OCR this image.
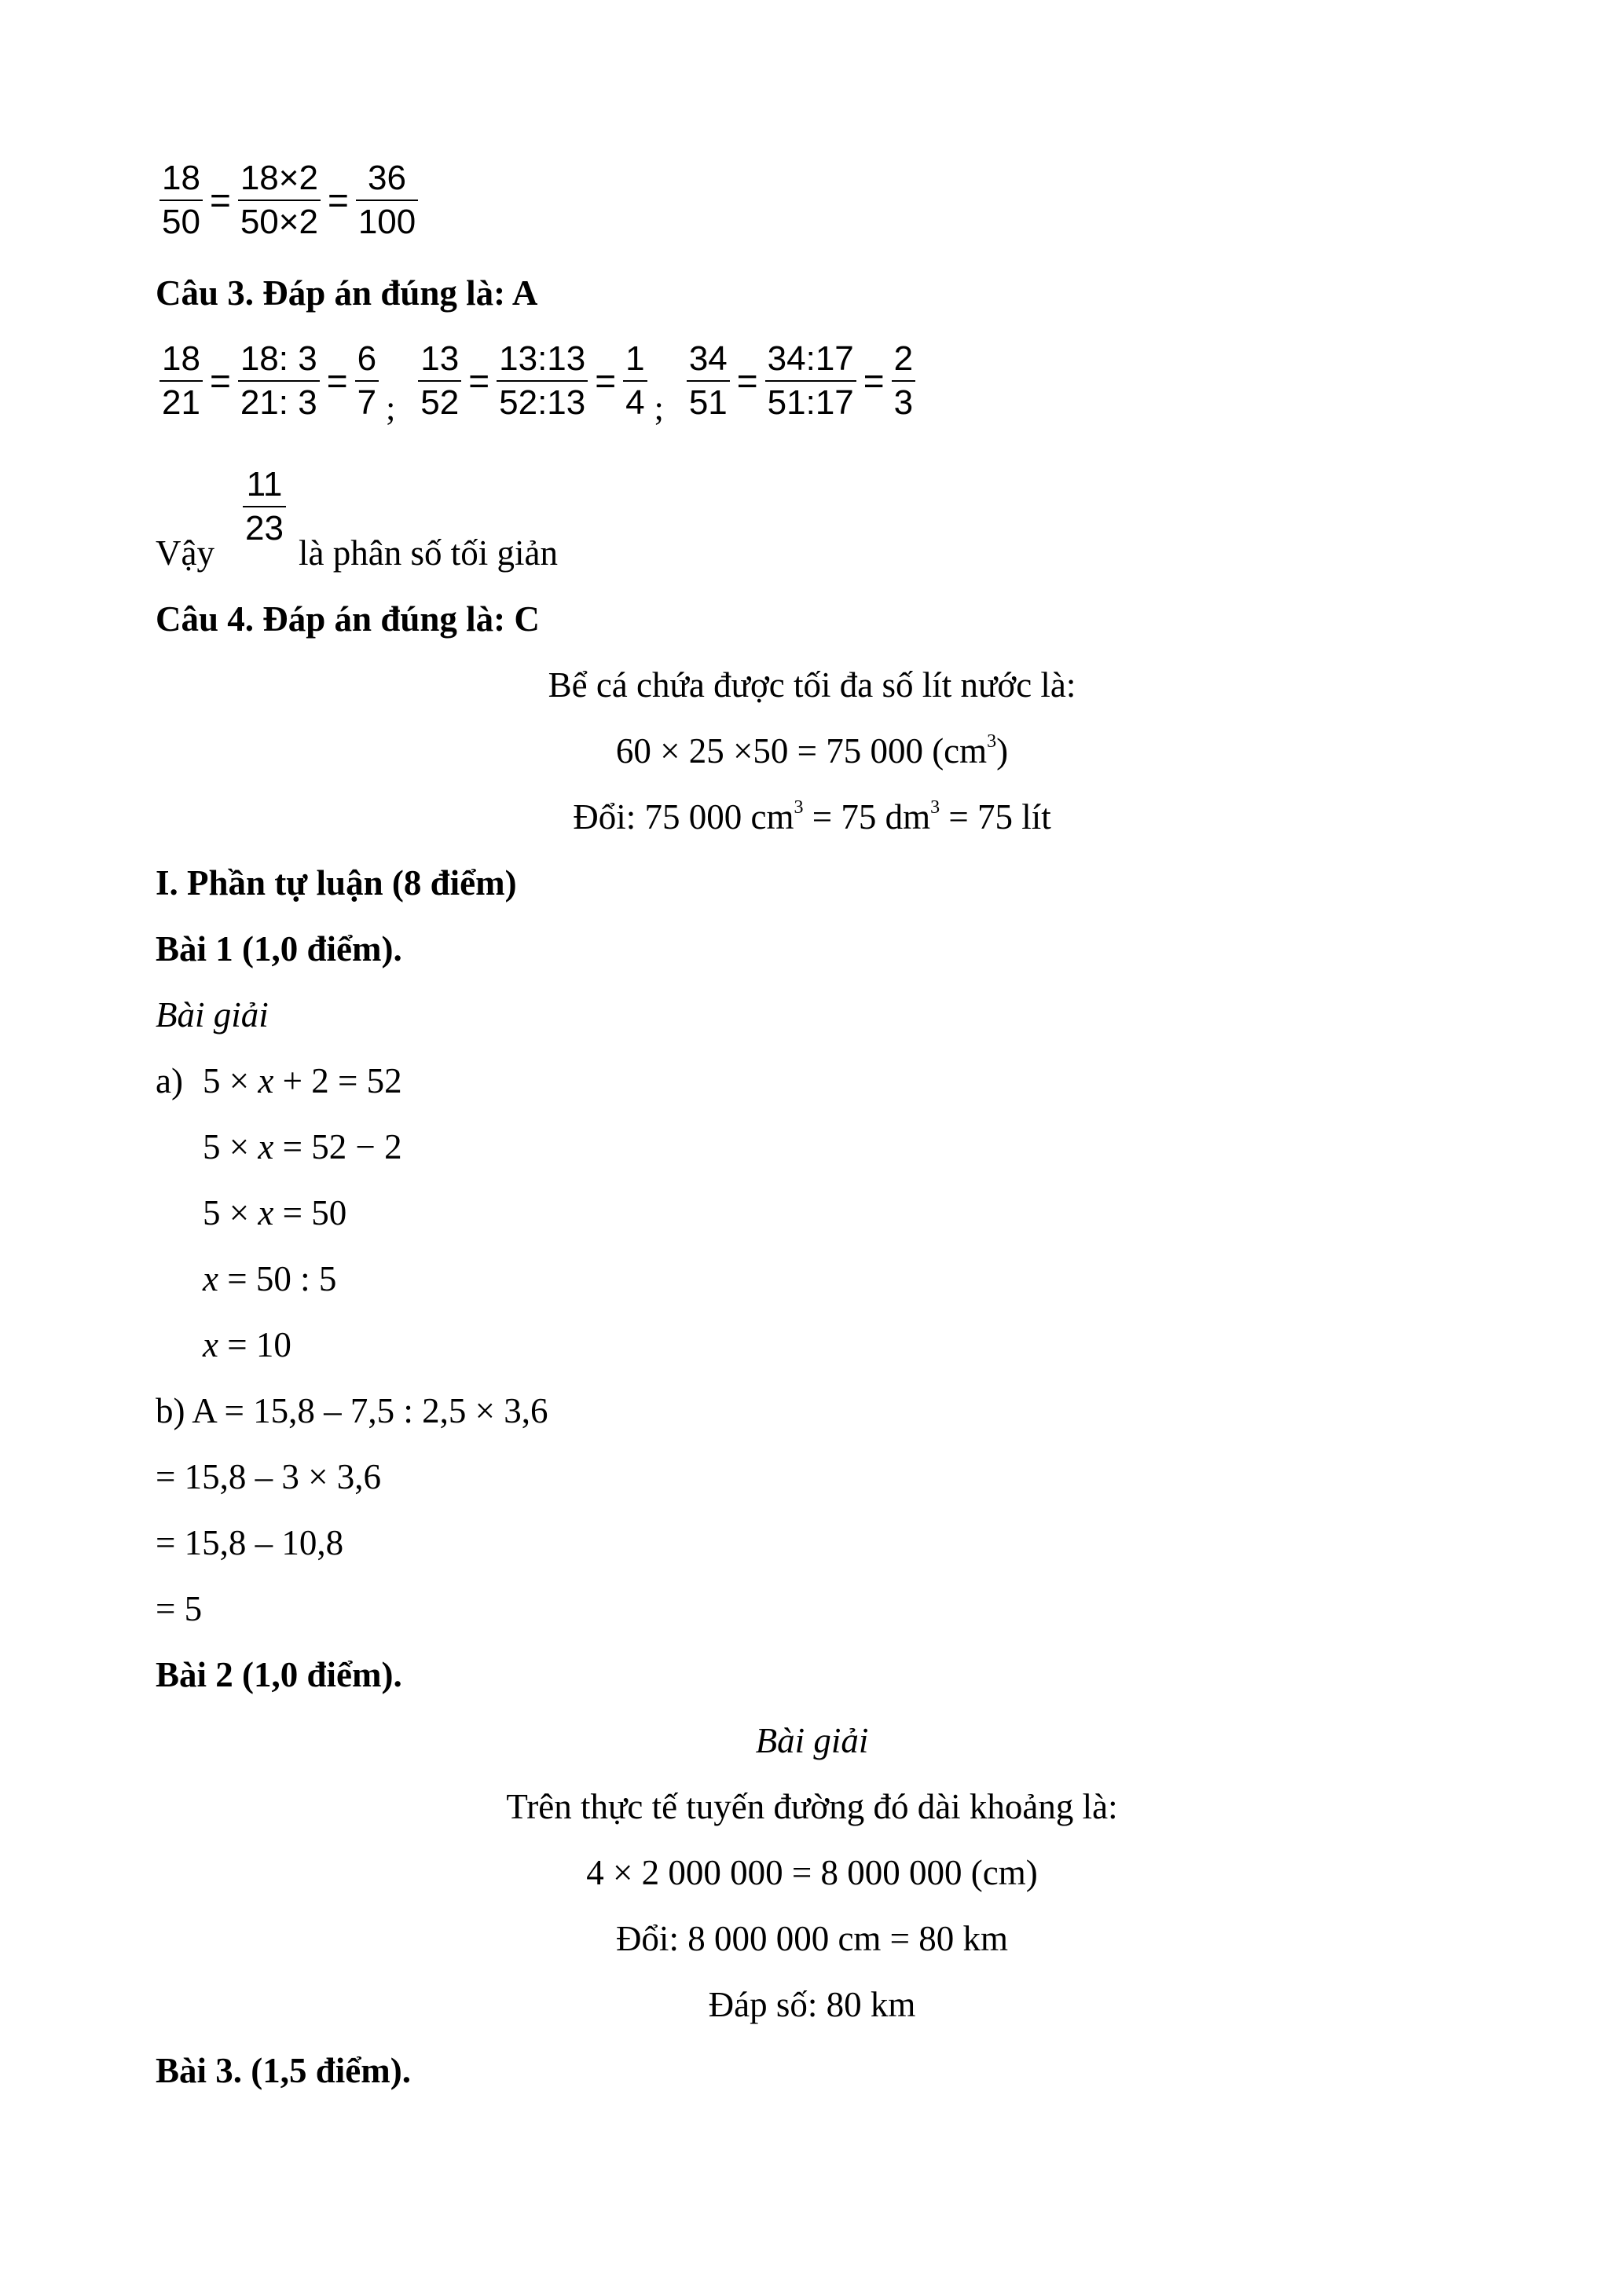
$\frac{18}{50} = \frac{18\times 2}{50\times 2} = \frac{36}{100}$
Câu 3. Đáp án đúng là: A
$\frac{18}{21} = \frac{18: 3}{21: 3} = \frac{6}{7}$ ; $\frac{13}{52} = \frac{13:13}{52:13} = \frac{1}{4}$ ; $\frac{34}{51} = \frac{34:17}{51:17} = \frac{2}{3}$
Vậy
$\frac{11}{23}$
là phân số tối giản
Câu 4. Đáp án đúng là: C
Bể cá chứa được tối đa số lít nước là:
60 × 25 ×50 = 75 000 $(cm^3)$
Đổi: 75 000 $cm^3 = 75$ $dm^3 = 75$ lít
I. Phần tự luận (8 điểm)
Bài 1 (1,0 điểm).
Bài giải
a) 5 × x + 2 = 52
5 × x = 52 − 2
5 × x = 50
x = 50 : 5
x = 10
b) A = 15,8 – 7,5 : 2,5 × 3,6
= 15,8 – 3 × 3,6
= 15,8 – 10,8
= 5
Bài 2 (1,0 điểm).
Bài giải
Trên thực tế tuyến đường đó dài khoảng là:
4 × 2 000 000 = 8 000 000 (cm)
Đổi: 8 000 000 cm = 80 km
Đáp số: 80 km
Bài 3. (1,5 điểm).
